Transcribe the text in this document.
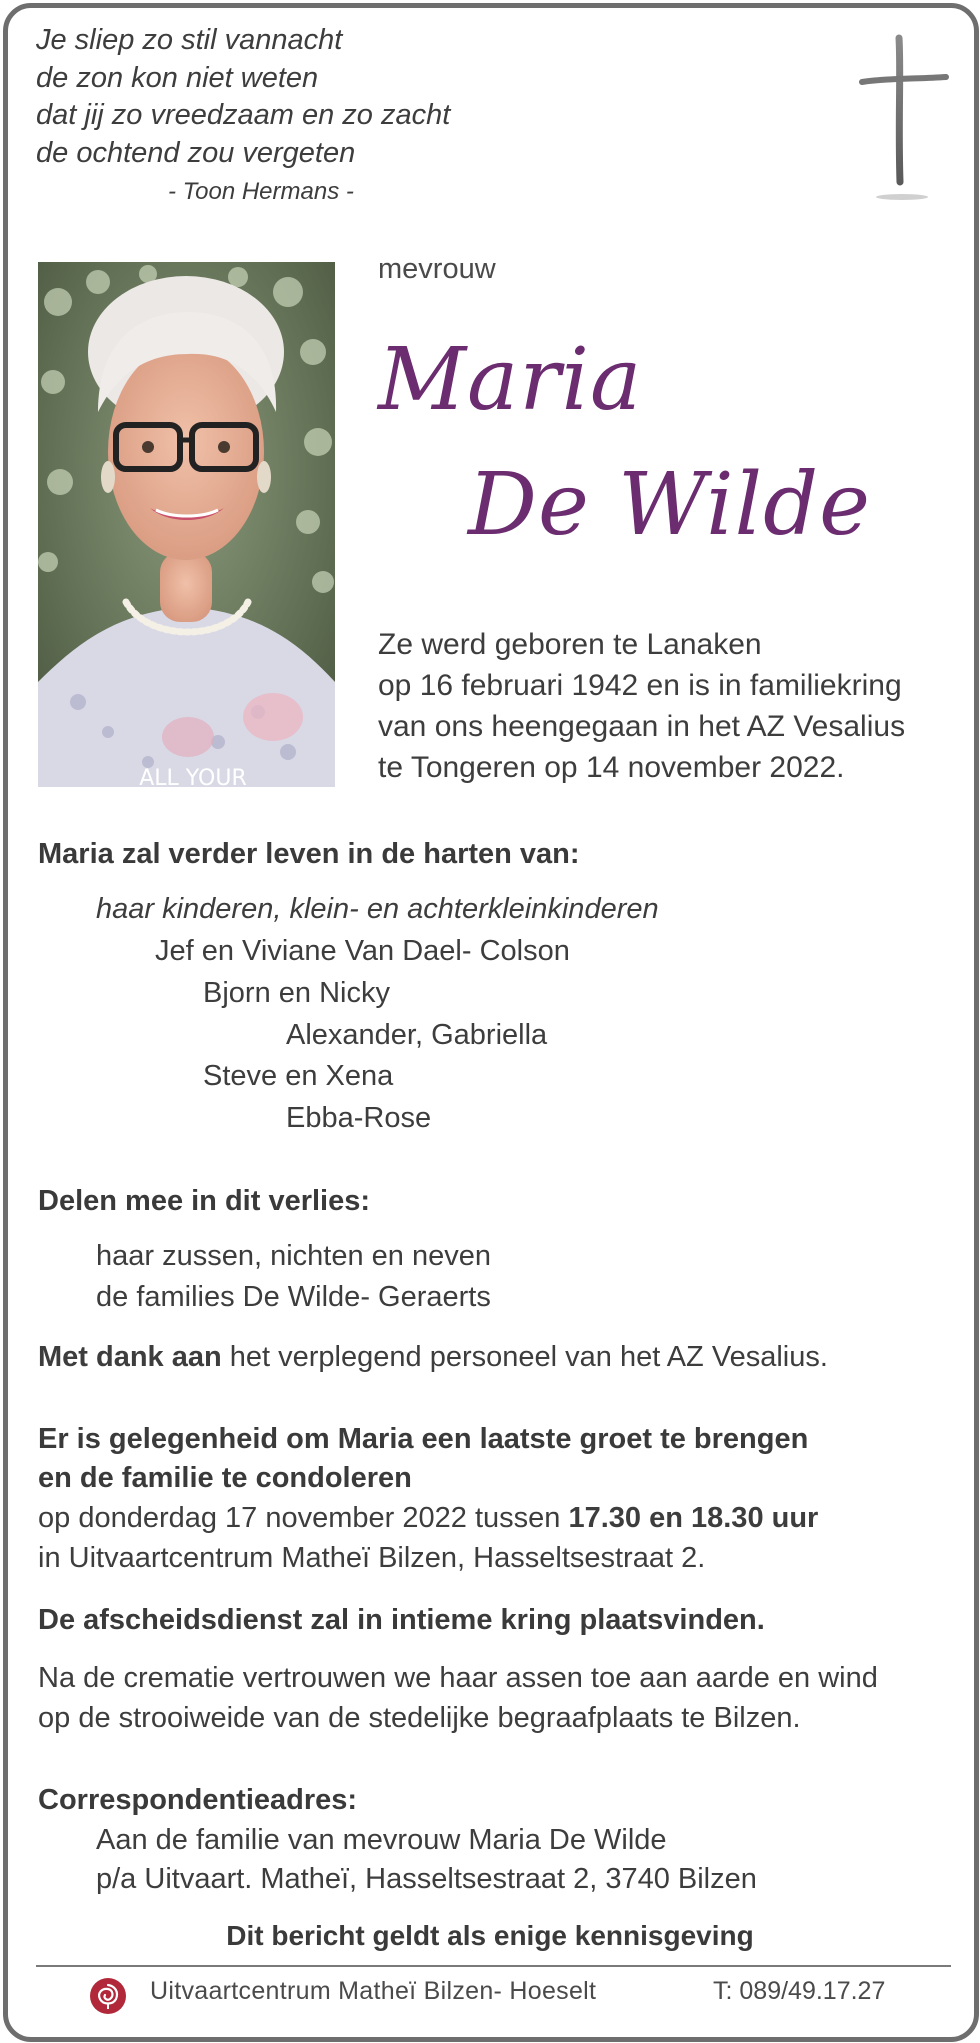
Je sliep zo stil vannacht
de zon kon niet weten
dat jij zo vreedzaam en zo zacht
de ochtend zou vergeten
- Toon Hermans -
ALL YOUR
mevrouw
Maria
De Wilde
Ze werd geboren te Lanaken
op 16 februari 1942 en is in familiekring
van ons heengegaan in het AZ Vesalius
te Tongeren op 14 november 2022.
Maria zal verder leven in de harten van:
haar kinderen, klein- en achterkleinkinderen
Jef en Viviane Van Dael- Colson
Bjorn en Nicky
Alexander, Gabriella
Steve en Xena
Ebba-Rose
Delen mee in dit verlies:
haar zussen, nichten en neven
de families De Wilde- Geraerts
Met dank aan het verplegend personeel van het AZ Vesalius.
Er is gelegenheid om Maria een laatste groet te brengen
en de familie te condoleren
op donderdag 17 november 2022 tussen 17.30 en 18.30 uur
in Uitvaartcentrum Matheï Bilzen, Hasseltsestraat 2.
De afscheidsdienst zal in intieme kring plaatsvinden.
Na de crematie vertrouwen we haar assen toe aan aarde en wind
op de strooiweide van de stedelijke begraafplaats te Bilzen.
Correspondentieadres:
Aan de familie van mevrouw Maria De Wilde
p/a Uitvaart. Matheï, Hasseltsestraat 2, 3740 Bilzen
Dit bericht geldt als enige kennisgeving
Uitvaartcentrum Matheï Bilzen- Hoeselt	T: 089/49.17.27
